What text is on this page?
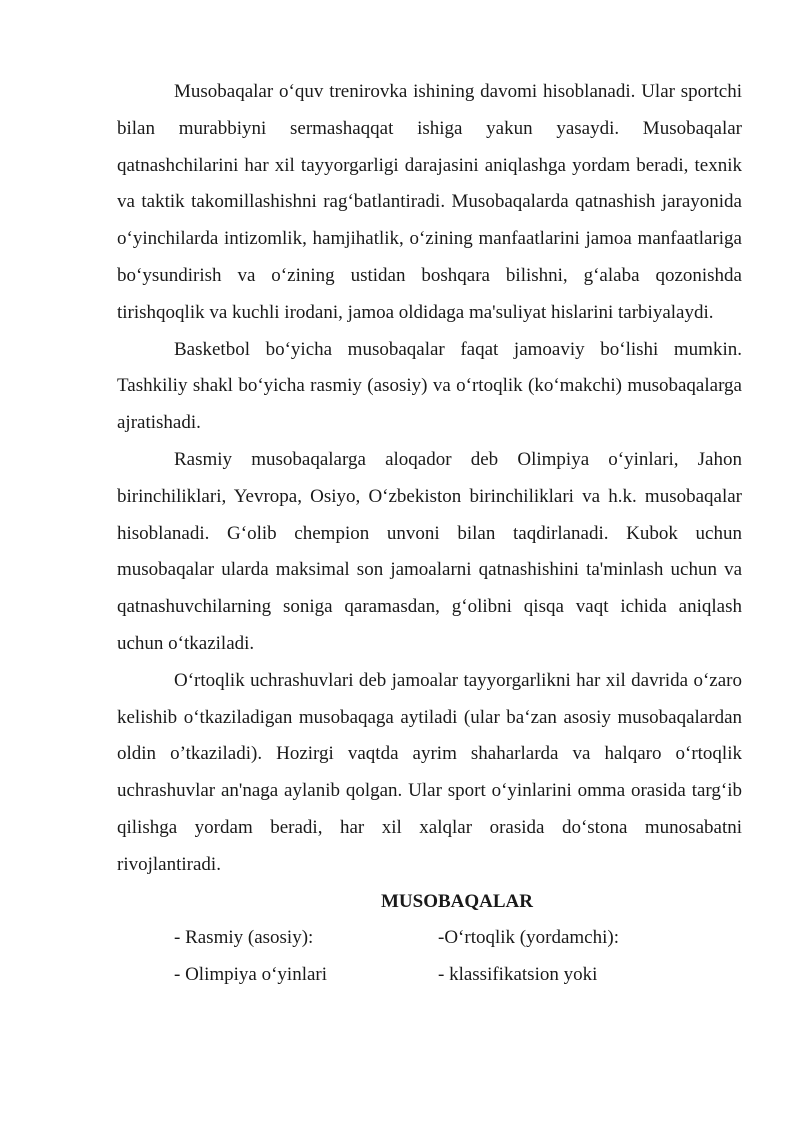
Musobaqalar o‘quv trenirovka ishining davomi hisoblanadi. Ular sportchi bilan murabbiyni sermashaqqat ishiga yakun yasaydi. Musobaqalar qatnashchilarini har xil tayyorgarligi darajasini aniqlashga yordam beradi, texnik va taktik takomillashishni rag‘batlantiradi. Musobaqalarda qatnashish jarayonida o‘yinchilarda intizomlik, hamjihatlik, o‘zining manfaatlarini jamoa manfaatlariga bo‘ysundirish va o‘zining ustidan boshqara bilishni, g‘alaba qozonishda tirishqoqlik va kuchli irodani, jamoa oldidaga ma'suliyat hislarini tarbiyalaydi.

Basketbol bo‘yicha musobaqalar faqat jamoaviy bo‘lishi mumkin. Tashkiliy shakl bo‘yicha rasmiy (asosiy) va o‘rtoqlik (ko‘makchi) musobaqalarga ajratishadi.

Rasmiy musobaqalarga aloqador deb Olimpiya o‘yinlari, Jahon birinchiliklari, Yevropa, Osiyo, O‘zbekiston birinchiliklari va h.k. musobaqalar hisoblanadi. G‘olib chempion unvoni bilan taqdirlanadi. Kubok uchun musobaqalar ularda maksimal son jamoalarni qatnashishini ta'minlash uchun va qatnashuvchilarning soniga qaramasdan, g‘olibni qisqa vaqt ichida aniqlash uchun o‘tkaziladi.

O‘rtoqlik uchrashuvlari deb jamoalar tayyorgarlikni har xil davrida o‘zaro kelishib o‘tkaziladigan musobaqaga aytiladi (ular ba‘zan asosiy musobaqalardan oldin o’tkaziladi). Hozirgi vaqtda ayrim shaharlarda va halqaro o‘rtoqlik uchrashuvlar an'naga aylanib qolgan. Ular sport o‘yinlarini omma orasida targ‘ib qilishga yordam beradi, har xil xalqlar orasida do‘stona munosabatni rivojlantiradi.

MUSOBAQALAR

- Rasmiy (asosiy):
- Olimpiya o‘yinlari
-O‘rtoqlik (yordamchi):
- klassifikatsion yoki
